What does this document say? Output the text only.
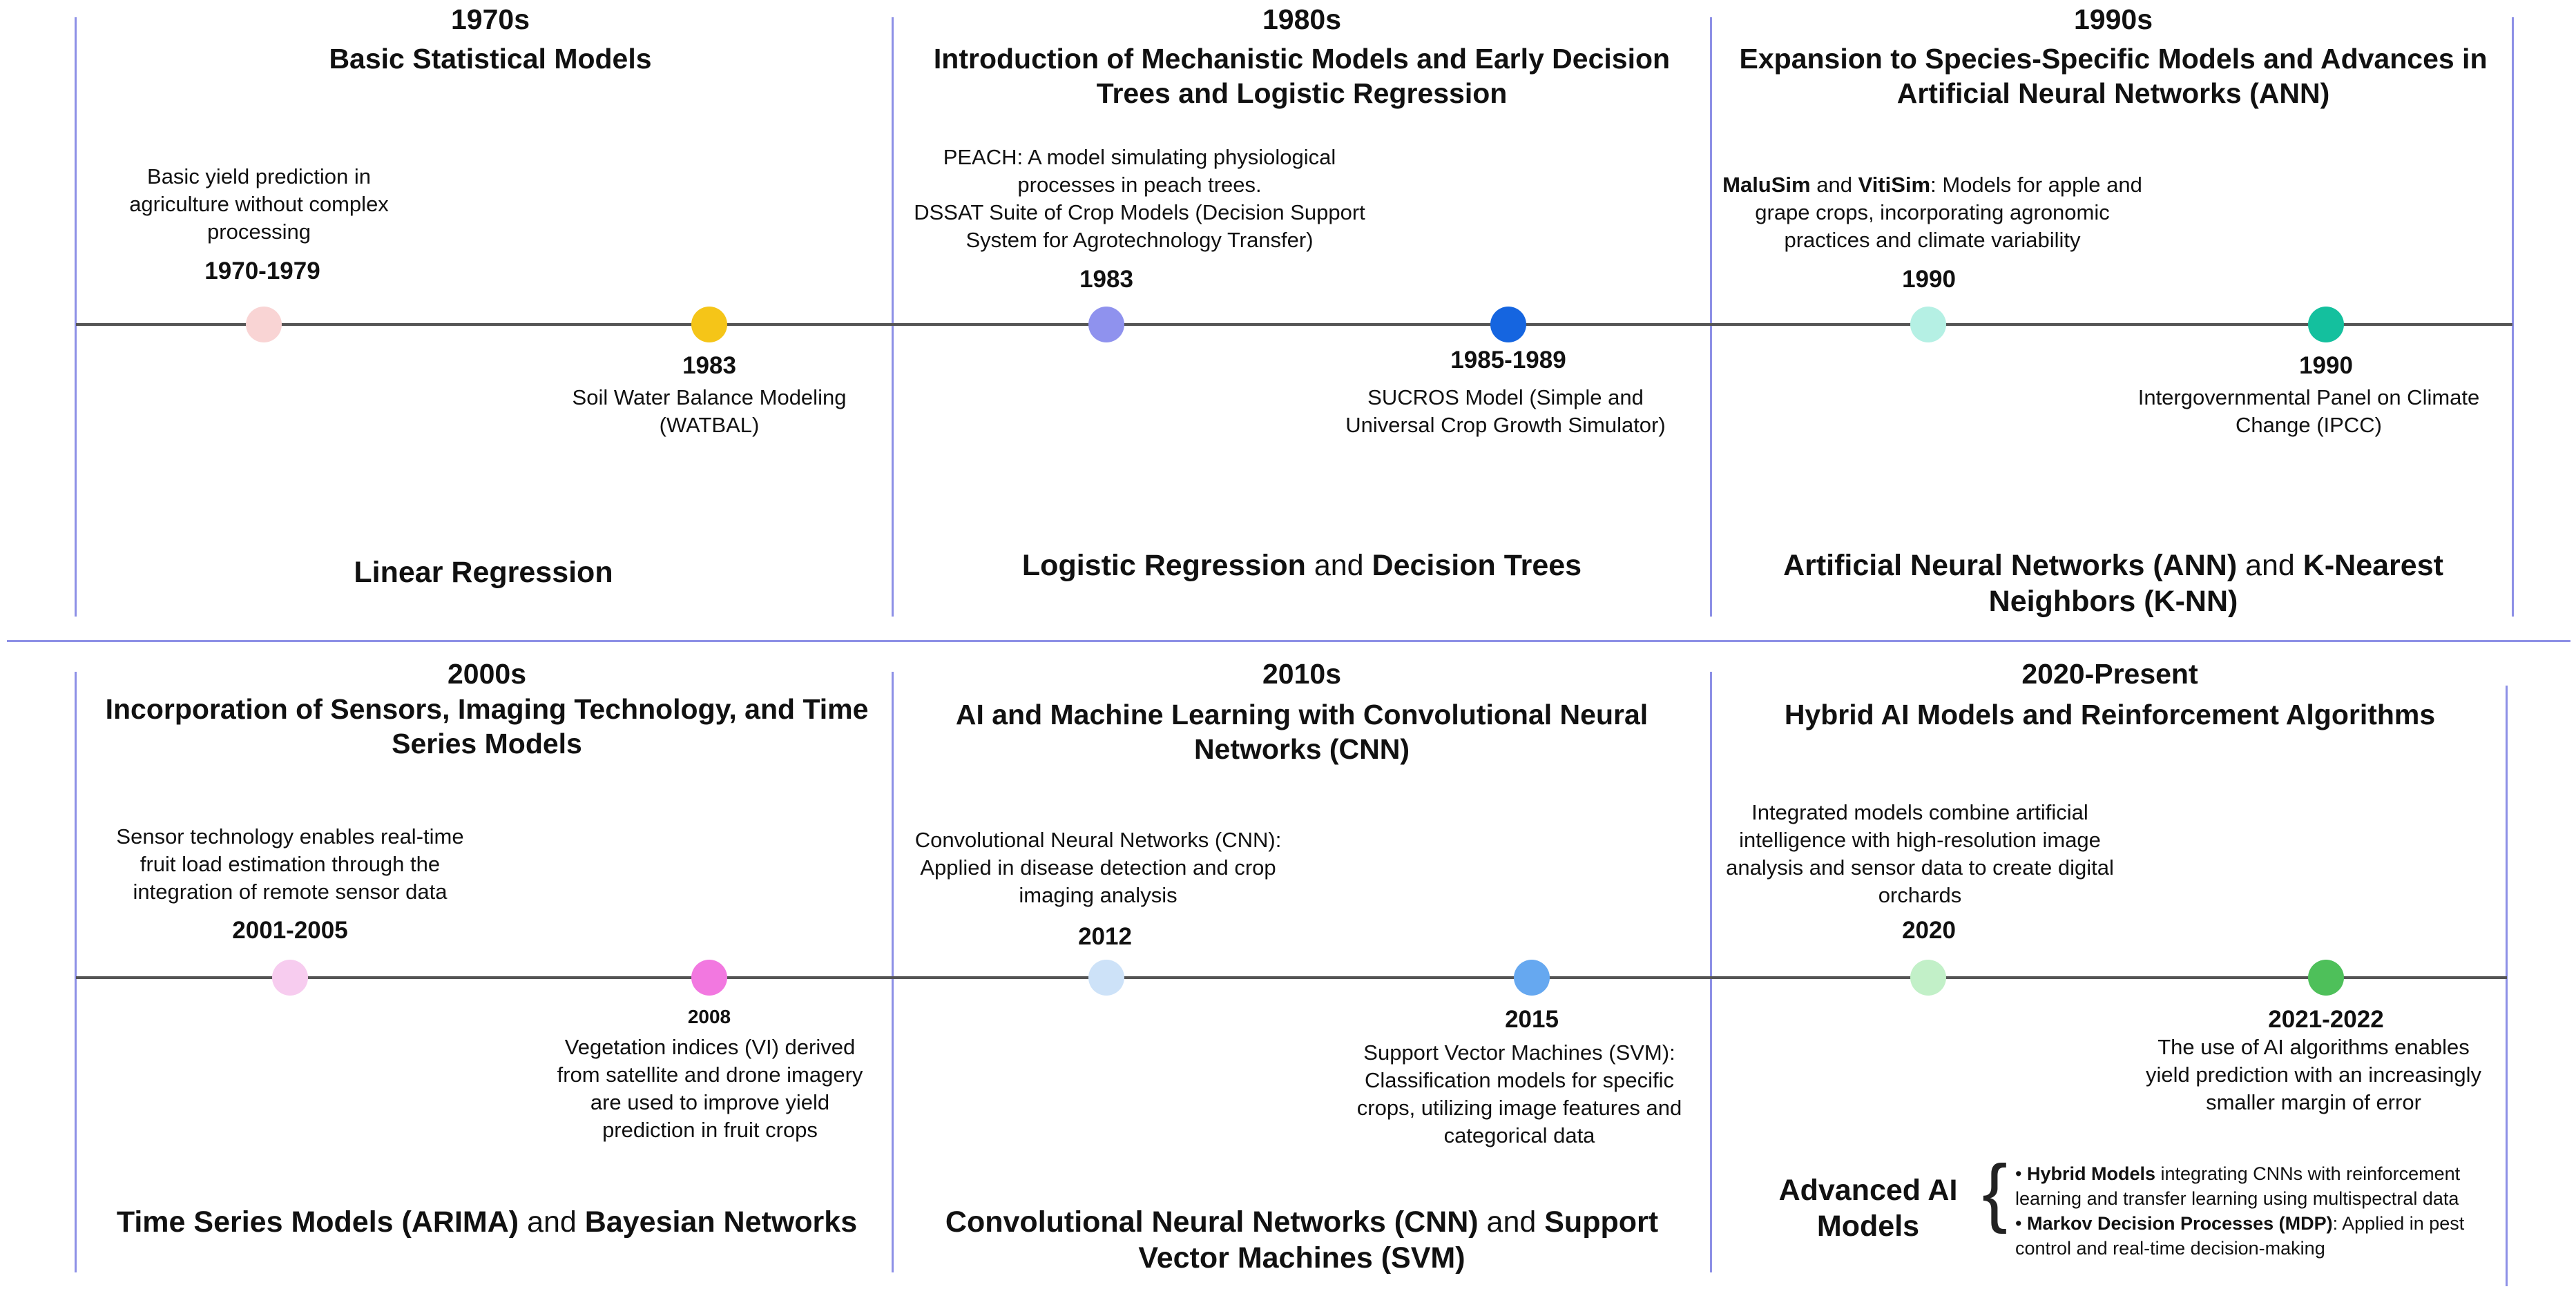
1970s
Basic Statistical Models
Basic yield prediction in agriculture without complex processing
1970-1979
1983
Soil Water Balance Modeling (WATBAL)
Linear Regression
1980s
Introduction of Mechanistic Models and Early Decision Trees and Logistic Regression
PEACH: A model simulating physiological processes in peach trees.
DSSAT Suite of Crop Models (Decision Support System for Agrotechnology Transfer)
1983
1985-1989
SUCROS Model (Simple and Universal Crop Growth Simulator)
Logistic Regression and Decision Trees
1990s
Expansion to Species-Specific Models and Advances in Artificial Neural Networks (ANN)
MaluSim and VitiSim: Models for apple and grape crops, incorporating agronomic practices and climate variability
1990
1990
Intergovernmental Panel on Climate Change (IPCC)
Artificial Neural Networks (ANN) and K-Nearest Neighbors (K-NN)
2000s
Incorporation of Sensors, Imaging Technology, and Time Series Models
Sensor technology enables real-time fruit load estimation through the integration of remote sensor data
2001-2005
2008
Vegetation indices (VI) derived from satellite and drone imagery are used to improve yield prediction in fruit crops
Time Series Models (ARIMA) and Bayesian Networks
2010s
AI and Machine Learning with Convolutional Neural Networks (CNN)
Convolutional Neural Networks (CNN): Applied in disease detection and crop imaging analysis
2012
2015
Support Vector Machines (SVM): Classification models for specific crops, utilizing image features and categorical data
Convolutional Neural Networks (CNN) and Support Vector Machines (SVM)
2020-Present
Hybrid AI Models and Reinforcement Algorithms
Integrated models combine artificial intelligence with high-resolution image analysis and sensor data to create digital orchards
2020
2021-2022
The use of AI algorithms enables yield prediction with an increasingly smaller margin of error
Advanced AI Models { • Hybrid Models integrating CNNs with reinforcement learning and transfer learning using multispectral data
• Markov Decision Processes (MDP): Applied in pest control and real-time decision-making
